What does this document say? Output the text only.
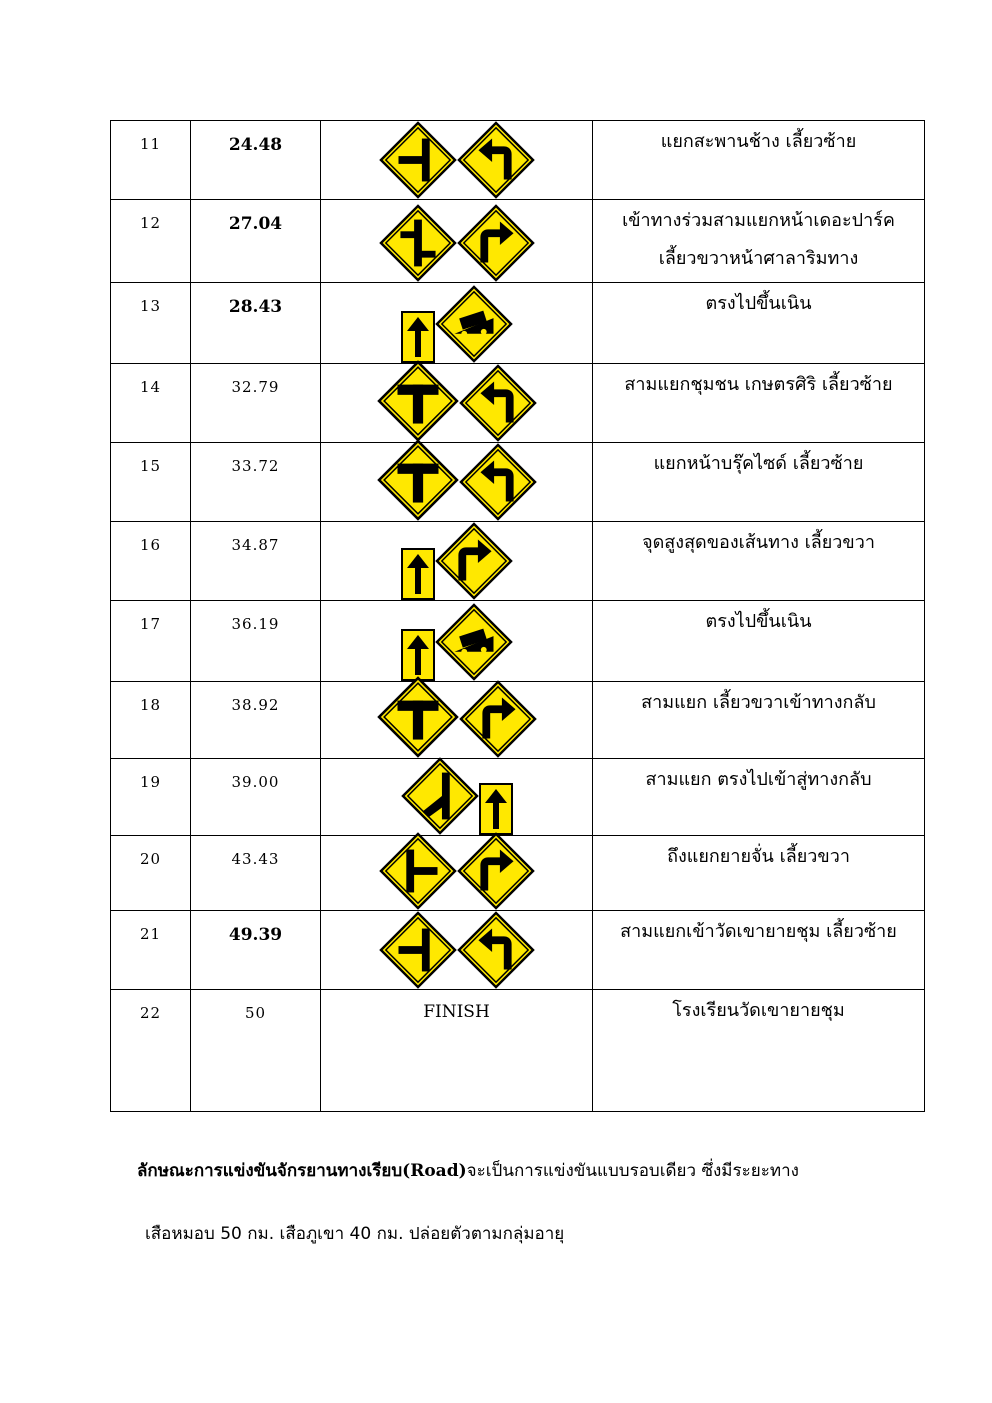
11	24.48		แยกสะพานช้าง เลี้ยวซ้าย

12	27.04		เข้าทางร่วมสามแยกหน้าเดอะปาร์ค
เลี้ยวขวาหน้าศาลาริมทาง

13	28.43		ตรงไปขึ้นเนิน

14	32.79		สามแยกชุมชน เกษตรศิริ เลี้ยวซ้าย

15	33.72		แยกหน้าบรุ๊คไซด์ เลี้ยวซ้าย

16	34.87		จุดสูงสุดของเส้นทาง เลี้ยวขวา

17	36.19		ตรงไปขึ้นเนิน

18	38.92		สามแยก เลี้ยวขวาเข้าทางกลับ

19	39.00		สามแยก ตรงไปเข้าสู่ทางกลับ

20	43.43		ถึงแยกยายจั่น เลี้ยวขวา

21	49.39		สามแยกเข้าวัดเขายายชุม เลี้ยวซ้าย

22	50	FINISH	โรงเรียนวัดเขายายชุม
ลักษณะการแข่งขันจักรยานทางเรียบ(Road)จะเป็นการแข่งขันแบบรอบเดียว ซึ่งมีระยะทาง
เสือหมอบ 50 กม. เสือภูเขา 40 กม. ปล่อยตัวตามกลุ่มอายุ
